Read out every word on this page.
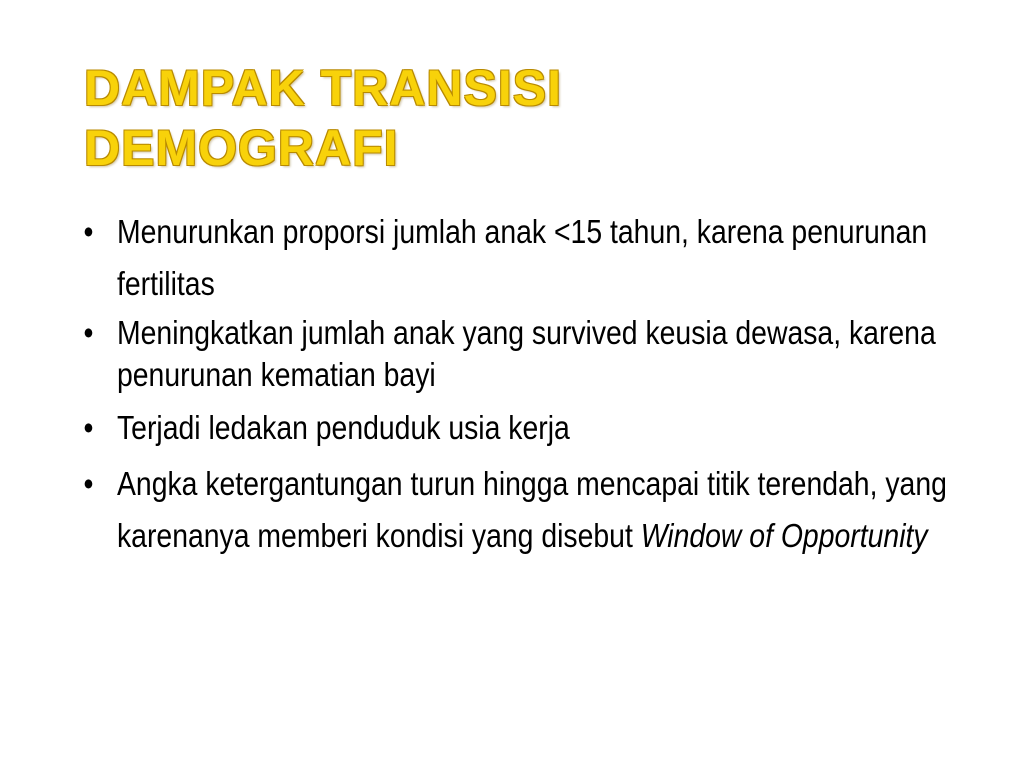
DAMPAK TRANSISI
DEMOGRAFI
• Menurunkan proporsi jumlah anak <15 tahun, karena penurunan fertilitas
• Meningkatkan jumlah anak yang survived keusia dewasa, karena penurunan kematian bayi
• Terjadi ledakan penduduk usia kerja
• Angka ketergantungan turun hingga mencapai titik terendah, yang karenanya memberi kondisi yang disebut Window of Opportunity
